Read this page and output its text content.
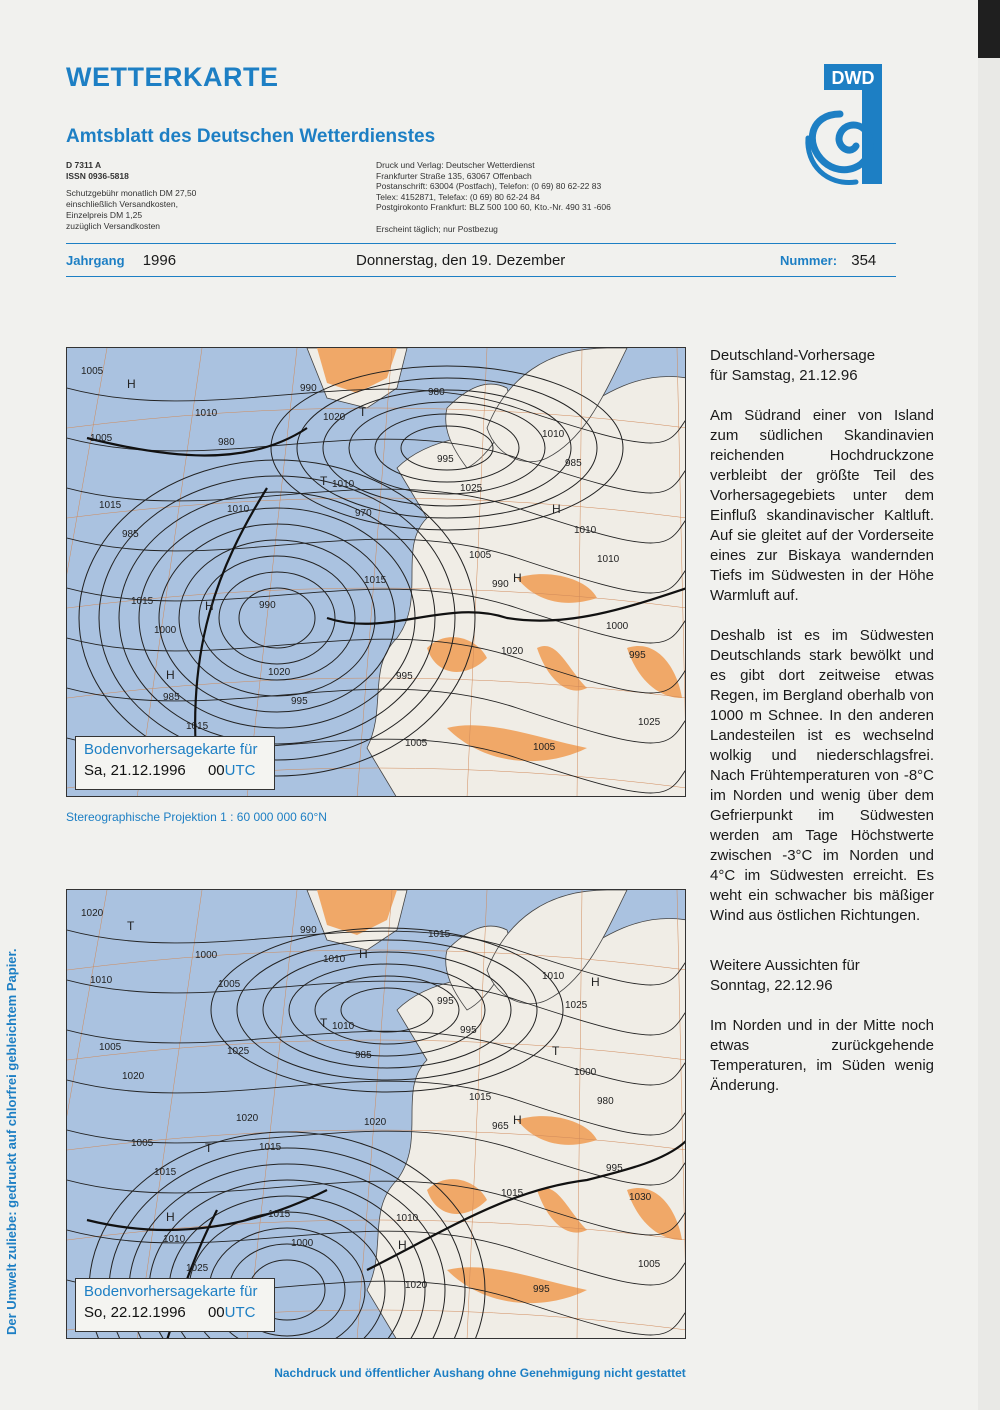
WETTERKARTE
Amtsblatt des Deutschen Wetterdienstes
D 7311 A
ISSN 0936-5818
Schutzgebühr monatlich DM 27,50
einschließlich Versandkosten,
Einzelpreis DM 1,25
zuzüglich Versandkosten
Druck und Verlag: Deutscher Wetterdienst
Frankfurter Straße 135, 63067 Offenbach
Postanschrift: 63004 (Postfach), Telefon: (0 69) 80 62-22 83
Telex: 4152871, Telefax: (0 69) 80 62-24 84
Postgirokonto Frankfurt: BLZ 500 100 60, Kto.-Nr. 490 31 -606
Erscheint täglich; nur Postbezug
DWD
Jahrgang 1996	Donnerstag, den 19. Dezember	Nummer: 354
1005
980
970
990
995
1015
1020
1025
1010
1000
995
980
985
985
990
995
1005
1005
1010
1015
1020
1025
1010
1010
1005
1000
985
990
995
1010
1015
1020
1005
1010
1015
H
T
H
H
T
H
H
Bodenvorhersagekarte für
Sa, 21.12.1996 00UTC
Stereographische Projektion 1 : 60 000 000 60°N
1020
1005
985
965
1030
1025
1010
995
980
1015
1000
1015
1025
1020
1015
1010
995
1010
1025
1020
1015
1005
1000
1010
1015
995
1010
990
995
1000
1005
1015
1020
1010
1005
1020
T
T
H
H
H
T
T
H
H
Bodenvorhersagekarte für
So, 22.12.1996 00UTC
Deutschland-Vorhersage
für Samstag, 21.12.96

Am Südrand einer von Island zum südlichen Skandinavien reichenden Hochdruckzone verbleibt der größte Teil des Vorhersagegebiets unter dem Einfluß skandinavischer Kaltluft. Auf sie gleitet auf der Vorderseite eines zur Biskaya wandernden Tiefs im Südwesten in der Höhe Warmluft auf.

Deshalb ist es im Südwesten Deutschlands stark bewölkt und es gibt dort zeitweise etwas Regen, im Bergland oberhalb von 1000 m Schnee. In den anderen Landesteilen ist es wechselnd wolkig und niederschlagsfrei. Nach Frühtemperaturen von -8°C im Norden und wenig über dem Gefrierpunkt im Südwesten werden am Tage Höchstwerte zwischen -3°C im Norden und 4°C im Südwesten erreicht. Es weht ein schwacher bis mäßiger Wind aus östlichen Richtungen.

Weitere Aussichten für
Sonntag, 22.12.96

Im Norden und in der Mitte noch etwas zurückgehende Temperaturen, im Süden wenig Änderung.

Der Umwelt zuliebe: gedruckt auf chlorfrei gebleichtem Papier.
Nachdruck und öffentlicher Aushang ohne Genehmigung nicht gestattet
